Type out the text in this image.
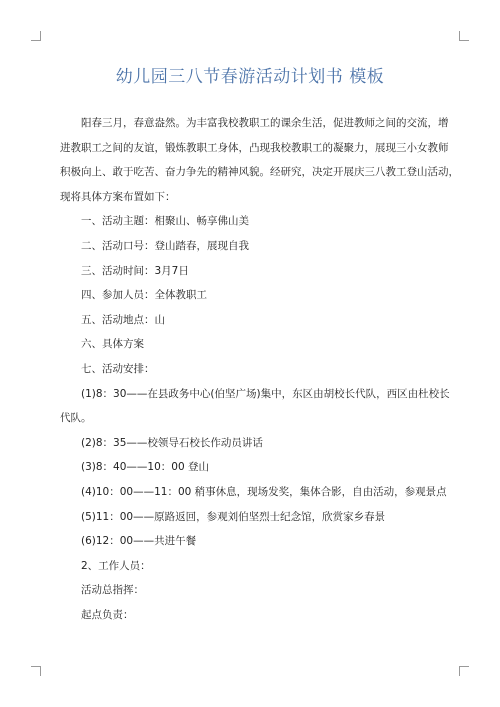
幼儿园三八节春游活动计划书 模板

阳春三月，春意盎然。为丰富我校教职工的课余生活，促进教师之间的交流，增

进教职工之间的友谊，锻炼教职工身体，凸现我校教职工的凝聚力，展现三小女教师

积极向上、敢于吃苦、奋力争先的精神风貌。经研究，决定开展庆三八教工登山活动，

现将具体方案布置如下：

一、活动主题：相聚山、畅享佛山美

二、活动口号：登山踏春，展现自我

三、活动时间：3月7日

四、参加人员：全体教职工

五、活动地点：山

六、具体方案

七、活动安排：

(1)8：30——在县政务中心(伯坚广场)集中，东区由胡校长代队，西区由杜校长

代队。

(2)8：35——校领导石校长作动员讲话

(3)8：40——10：00 登山

(4)10：00——11：00 稍事休息，现场发奖，集体合影，自由活动，参观景点

(5)11：00——原路返回，参观刘伯坚烈士纪念馆，欣赏家乡春景

(6)12：00——共进午餐

2、工作人员：

活动总指挥：

起点负责：
